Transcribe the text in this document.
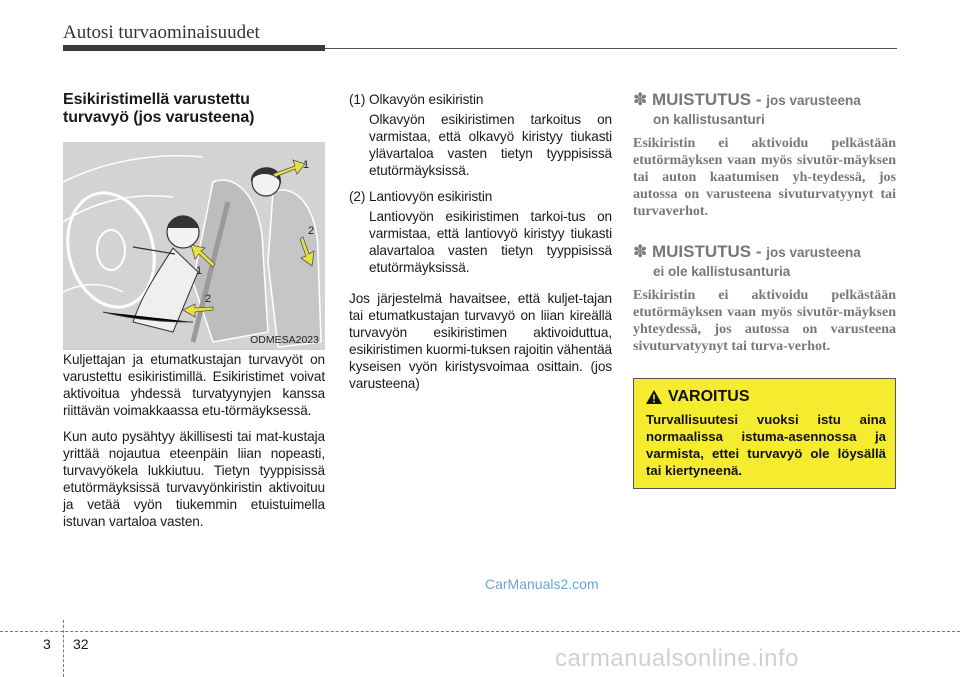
Autosi turvaominaisuudet

Esikiristimellä varustettu
turvavyö (jos varusteena)

1
2
1
2
ODMESA2023

Kuljettajan ja etumatkustajan turvavyöt on varustettu esikiristimillä. Esikiristimet voivat aktivoitua yhdessä turvatyynyjen kanssa riittävän voimakkaassa etu-törmäyksessä.

Kun auto pysähtyy äkillisesti tai mat-kustaja yrittää nojautua eteenpäin liian nopeasti, turvavyökela lukkiutuu. Tietyn tyyppisissä etutörmäyksissä turvavyönkiristin aktivoituu ja vetää vyön tiukemmin etuistuimella istuvan vartaloa vasten.

(1) Olkavyön esikiristin

Olkavyön esikiristimen tarkoitus on varmistaa, että olkavyö kiristyy tiukasti ylävartaloa vasten tietyn tyyppisissä etutörmäyksissä.

(2) Lantiovyön esikiristin

Lantiovyön esikiristimen tarkoi-tus on varmistaa, että lantiovyö kiristyy tiukasti alavartaloa vasten tietyn tyyppisissä etutörmäyksissä.

Jos järjestelmä havaitsee, että kuljet-tajan tai etumatkustajan turvavyö on liian kireällä turvavyön esikiristimen aktivoiduttua, esikiristimen kuormi-tuksen rajoitin vähentää kyseisen vyön kiristysvoimaa osittain. (jos varusteena)

✽ MUISTUTUS - jos varusteena
on kallistusanturi

Esikiristin ei aktivoidu pelkästään etutörmäyksen vaan myös sivutör-mäyksen tai auton kaatumisen yh-teydessä, jos autossa on varusteena sivuturvatyynyt tai turvaverhot.

✽ MUISTUTUS - jos varusteena
ei ole kallistusanturia

Esikiristin ei aktivoidu pelkästään etutörmäyksen vaan myös sivutör-mäyksen yhteydessä, jos autossa on varusteena sivuturvatyynyt tai turva-verhot.

VAROITUS
Turvallisuutesi vuoksi istu aina normaalissa istuma-asennossa ja varmista, ettei turvavyö ole löysällä tai kiertyneenä.
CarManuals2.com
3 32
carmanualsonline.info
